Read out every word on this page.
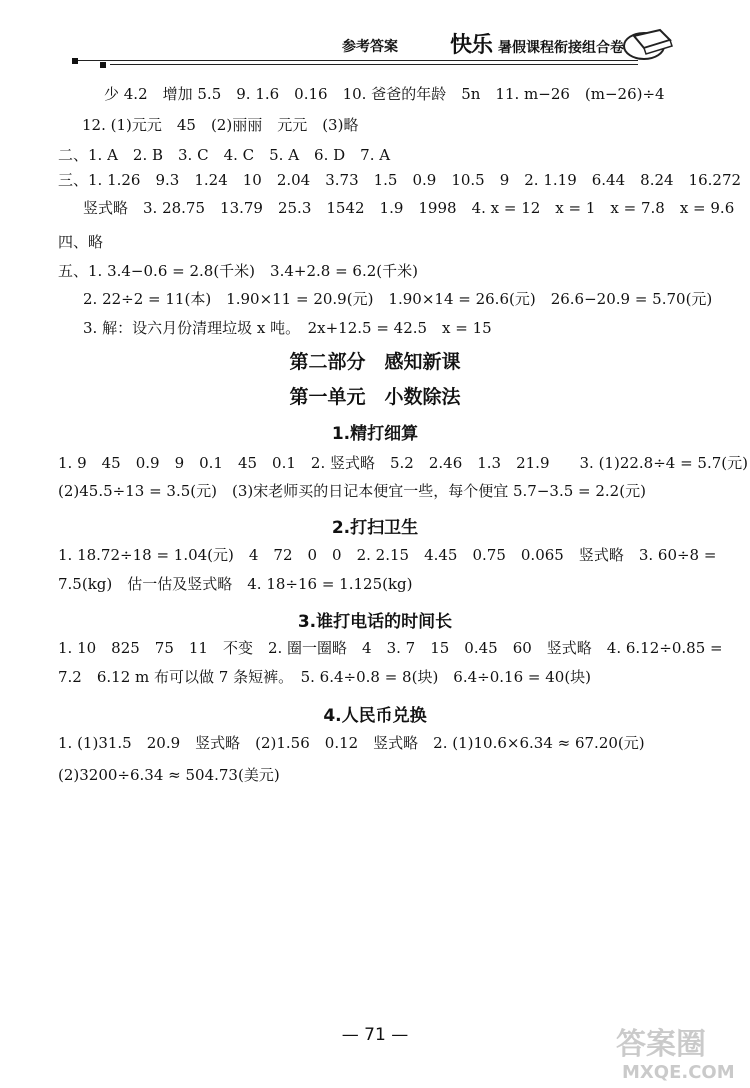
参考答案 快乐 暑假课程衔接组合卷
少 4.2　增加 5.5　9. 1.6　0.16　10. 爸爸的年龄　5n　11. m−26　(m−26)÷4
12. (1)元元　45　(2)丽丽　元元　(3)略
二、1. A　2. B　3. C　4. C　5. A　6. D　7. A
三、1. 1.26　9.3　1.24　10　2.04　3.73　1.5　0.9　10.5　9　2. 1.19　6.44　8.24　16.272
竖式略　3. 28.75　13.79　25.3　1542　1.9　1998　4. x = 12　x = 1　x = 7.8　x = 9.6
四、略
五、1. 3.4−0.6 = 2.8(千米)　3.4+2.8 = 6.2(千米)
2. 22÷2 = 11(本)　1.90×11 = 20.9(元)　1.90×14 = 26.6(元)　26.6−20.9 = 5.70(元)
3. 解：设六月份清理垃圾 x 吨。　2x+12.5 = 42.5　x = 15
第二部分　感知新课
第一单元　小数除法
1.精打细算
1. 9　45　0.9　9　0.1　45　0.1　2. 竖式略　5.2　2.46　1.3　21.9　　3. (1)22.8÷4 = 5.7(元)
(2)45.5÷13 = 3.5(元)　(3)宋老师买的日记本便宜一些，每个便宜 5.7−3.5 = 2.2(元)
2.打扫卫生
1. 18.72÷18 = 1.04(元)　4　72　0　0　2. 2.15　4.45　0.75　0.065　竖式略　3. 60÷8 =
7.5(kg)　估一估及竖式略　4. 18÷16 = 1.125(kg)
3.谁打电话的时间长
1. 10　825　75　11　不变　2. 圈一圈略　4　3. 7　15　0.45　60　竖式略　4. 6.12÷0.85 =
7.2　6.12 m 布可以做 7 条短裤。　5. 6.4÷0.8 = 8(块)　6.4÷0.16 = 40(块)
4.人民币兑换
1. (1)31.5　20.9　竖式略　(2)1.56　0.12　竖式略　2. (1)10.6×6.34 ≈ 67.20(元)
(2)3200÷6.34 ≈ 504.73(美元)
— 71 —	答案圈
MXQE.COM
